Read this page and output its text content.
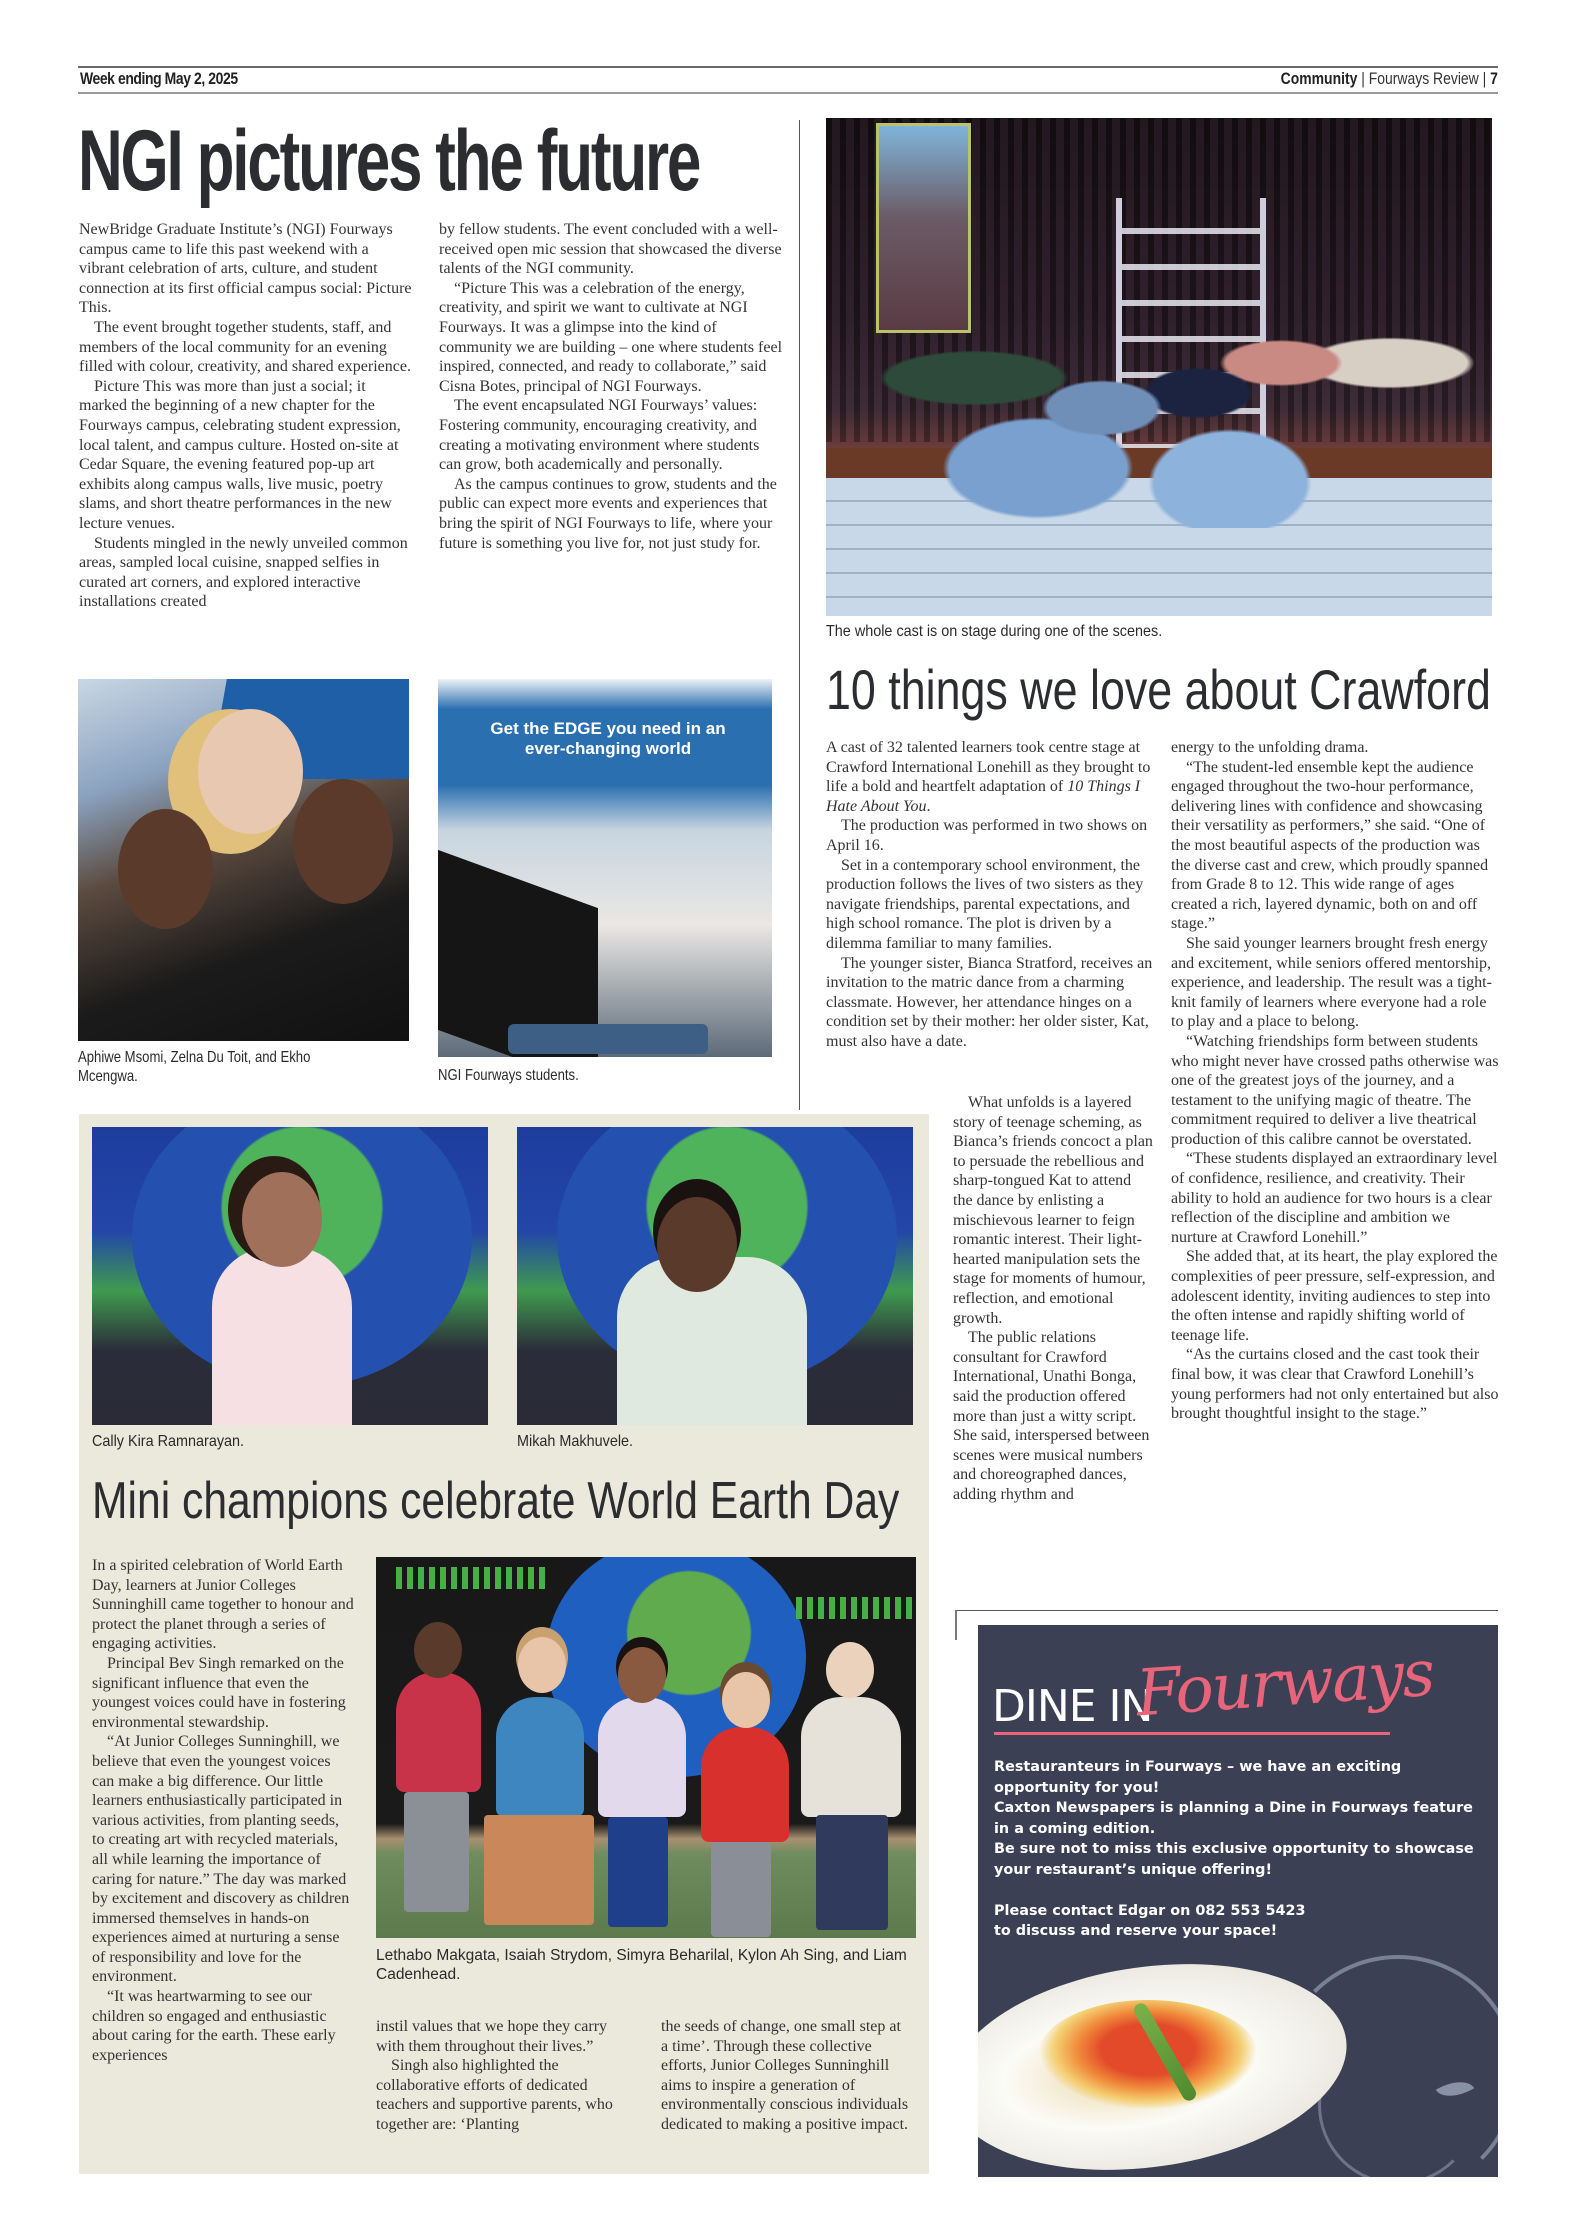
Week ending May 2, 2025	Community | Fourways Review | 7
NGI pictures the future

NewBridge Graduate Institute’s (NGI) Fourways campus came to life this past weekend with a vibrant celebration of arts, culture, and student connection at its first official campus social: Picture This.

The event brought together students, staff, and members of the local community for an evening filled with colour, creativity, and shared experience.

Picture This was more than just a social; it marked the beginning of a new chapter for the Fourways campus, celebrating student expression, local talent, and campus culture. Hosted on-site at Cedar Square, the evening featured pop-up art exhibits along campus walls, live music, poetry slams, and short theatre performances in the new lecture venues.

Students mingled in the newly unveiled common areas, sampled local cuisine, snapped selfies in curated art corners, and explored interactive installations created

by fellow students. The event concluded with a well-received open mic session that showcased the diverse talents of the NGI community.

“Picture This was a celebration of the energy, creativity, and spirit we want to cultivate at NGI Fourways. It was a glimpse into the kind of community we are building – one where students feel inspired, connected, and ready to collaborate,” said Cisna Botes, principal of NGI Fourways.

The event encapsulated NGI Fourways’ values: Fostering community, encouraging creativity, and creating a motivating environment where students can grow, both academically and personally.

As the campus continues to grow, students and the public can expect more events and experiences that bring the spirit of NGI Fourways to life, where your future is something you live for, not just study for.

Aphiwe Msomi, Zelna Du Toit, and Ekho Mcengwa.
Get the EDGE you need in an ever-changing world
NGI Fourways students.
The whole cast is on stage during one of the scenes.
10 things we love about Crawford

A cast of 32 talented learners took centre stage at Crawford International Lonehill as they brought to life a bold and heartfelt adaptation of 10 Things I Hate About You.

The production was performed in two shows on April 16.

Set in a contemporary school environment, the production follows the lives of two sisters as they navigate friendships, parental expectations, and high school romance. The plot is driven by a dilemma familiar to many families.

The younger sister, Bianca Stratford, receives an invitation to the matric dance from a charming classmate. However, her attendance hinges on a condition set by their mother: her older sister, Kat, must also have a date.

What unfolds is a layered story of teenage scheming, as Bianca’s friends concoct a plan to persuade the rebellious and sharp-tongued Kat to attend the dance by enlisting a mischievous learner to feign romantic interest. Their light-hearted manipulation sets the stage for moments of humour, reflection, and emotional growth.

The public relations consultant for Crawford International, Unathi Bonga, said the production offered more than just a witty script. She said, interspersed between scenes were musical numbers and choreographed dances, adding rhythm and

energy to the unfolding drama.

“The student-led ensemble kept the audience engaged throughout the two-hour performance, delivering lines with confidence and showcasing their versatility as performers,” she said. “One of the most beautiful aspects of the production was the diverse cast and crew, which proudly spanned from Grade 8 to 12. This wide range of ages created a rich, layered dynamic, both on and off stage.”

She said younger learners brought fresh energy and excitement, while seniors offered mentorship, experience, and leadership. The result was a tight-knit family of learners where everyone had a role to play and a place to belong.

“Watching friendships form between students who might never have crossed paths otherwise was one of the greatest joys of the journey, and a testament to the unifying magic of theatre. The commitment required to deliver a live theatrical production of this calibre cannot be overstated.

“These students displayed an extraordinary level of confidence, resilience, and creativity. Their ability to hold an audience for two hours is a clear reflection of the discipline and ambition we nurture at Crawford Lonehill.”

She added that, at its heart, the play explored the complexities of peer pressure, self-expression, and adolescent identity, inviting audiences to step into the often intense and rapidly shifting world of teenage life.

“As the curtains closed and the cast took their final bow, it was clear that Crawford Lonehill’s young performers had not only entertained but also brought thoughtful insight to the stage.”

Cally Kira Ramnarayan.	Mikah Makhuvele.
Mini champions celebrate World Earth Day

In a spirited celebration of World Earth Day, learners at Junior Colleges Sunninghill came together to honour and protect the planet through a series of engaging activities.

Principal Bev Singh remarked on the significant influence that even the youngest voices could have in fostering environmental stewardship.

“At Junior Colleges Sunninghill, we believe that even the youngest voices can make a big difference. Our little learners enthusiastically participated in various activities, from planting seeds, to creating art with recycled materials, all while learning the importance of caring for nature.” The day was marked by excitement and discovery as children immersed themselves in hands-on experiences aimed at nurturing a sense of responsibility and love for the environment.

“It was heartwarming to see our children so engaged and enthusiastic about caring for the earth. These early experiences

Lethabo Makgata, Isaiah Strydom, Simyra Beharilal, Kylon Ah Sing, and Liam Cadenhead.

instil values that we hope they carry with them throughout their lives.”

Singh also highlighted the collaborative efforts of dedicated teachers and supportive parents, who together are: ‘Planting

the seeds of change, one small step at a time’. Through these collective efforts, Junior Colleges Sunninghill aims to inspire a generation of environmentally conscious individuals dedicated to making a positive impact.

DINE IN
Fourways
Restauranteurs in Fourways – we have an exciting opportunity for you!
Caxton Newspapers is planning a Dine in Fourways feature in a coming edition.
Be sure not to miss this exclusive opportunity to showcase your restaurant’s unique offering!
Please contact Edgar on 082 553 5423
to discuss and reserve your space!
